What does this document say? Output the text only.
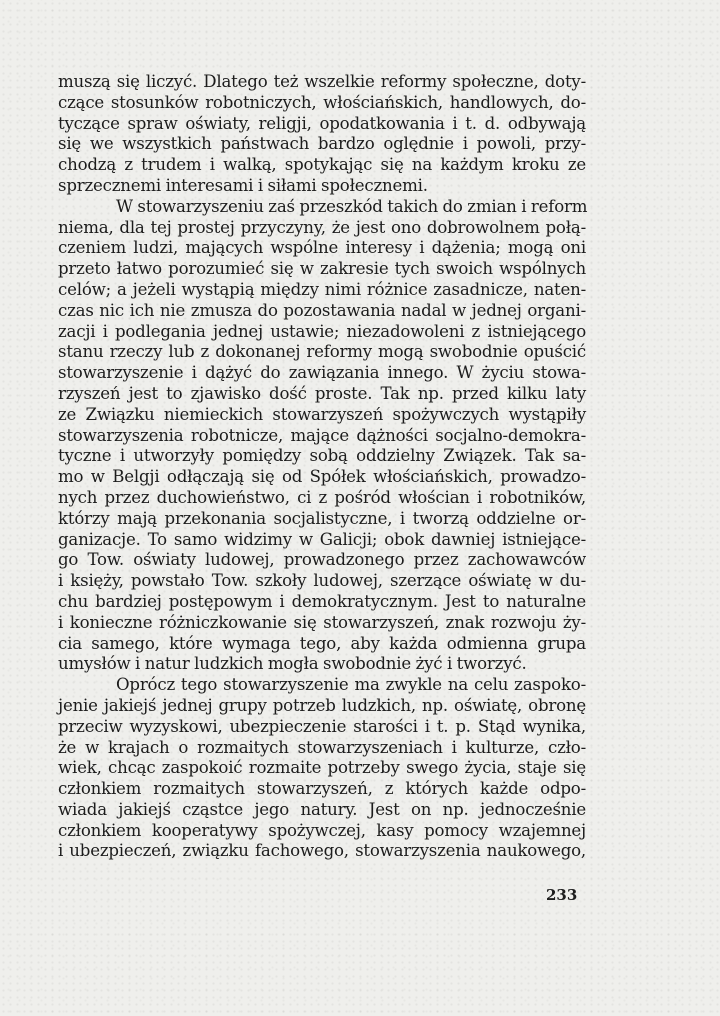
muszą się liczyć. Dlatego też wszelkie reformy społeczne, doty-
czące stosunków robotniczych, włościańskich, handlowych, do-
tyczące spraw oświaty, religji, opodatkowania i t. d. odbywają
się we wszystkich państwach bardzo oględnie i powoli, przy-
chodzą z trudem i walką, spotykając się na każdym kroku ze
sprzecznemi interesami i siłami społecznemi.
W stowarzyszeniu zaś przeszkód takich do zmian i reform
niema, dla tej prostej przyczyny, że jest ono dobrowolnem połą-
czeniem ludzi, mających wspólne interesy i dążenia; mogą oni
przeto łatwo porozumieć się w zakresie tych swoich wspólnych
celów; a jeżeli wystąpią między nimi różnice zasadnicze, naten-
czas nic ich nie zmusza do pozostawania nadal w jednej organi-
zacji i podlegania jednej ustawie; niezadowoleni z istniejącego
stanu rzeczy lub z dokonanej reformy mogą swobodnie opuścić
stowarzyszenie i dążyć do zawiązania innego. W życiu stowa-
rzyszeń jest to zjawisko dość proste. Tak np. przed kilku laty
ze Związku niemieckich stowarzyszeń spożywczych wystąpiły
stowarzyszenia robotnicze, mające dążności socjalno-demokra-
tyczne i utworzyły pomiędzy sobą oddzielny Związek. Tak sa-
mo w Belgji odłączają się od Spółek włościańskich, prowadzo-
nych przez duchowieństwo, ci z pośród włościan i robotników,
którzy mają przekonania socjalistyczne, i tworzą oddzielne or-
ganizacje. To samo widzimy w Galicji; obok dawniej istniejące-
go Tow. oświaty ludowej, prowadzonego przez zachowawców
i księży, powstało Tow. szkoły ludowej, szerzące oświatę w du-
chu bardziej postępowym i demokratycznym. Jest to naturalne
i konieczne różniczkowanie się stowarzyszeń, znak rozwoju ży-
cia samego, które wymaga tego, aby każda odmienna grupa
umysłów i natur ludzkich mogła swobodnie żyć i tworzyć.
Oprócz tego stowarzyszenie ma zwykle na celu zaspoko-
jenie jakiejś jednej grupy potrzeb ludzkich, np. oświatę, obronę
przeciw wyzyskowi, ubezpieczenie starości i t. p. Stąd wynika,
że w krajach o rozmaitych stowarzyszeniach i kulturze, czło-
wiek, chcąc zaspokoić rozmaite potrzeby swego życia, staje się
członkiem rozmaitych stowarzyszeń, z których każde odpo-
wiada jakiejś cząstce jego natury. Jest on np. jednocześnie
członkiem kooperatywy spożywczej, kasy pomocy wzajemnej
i ubezpieczeń, związku fachowego, stowarzyszenia naukowego,
233
